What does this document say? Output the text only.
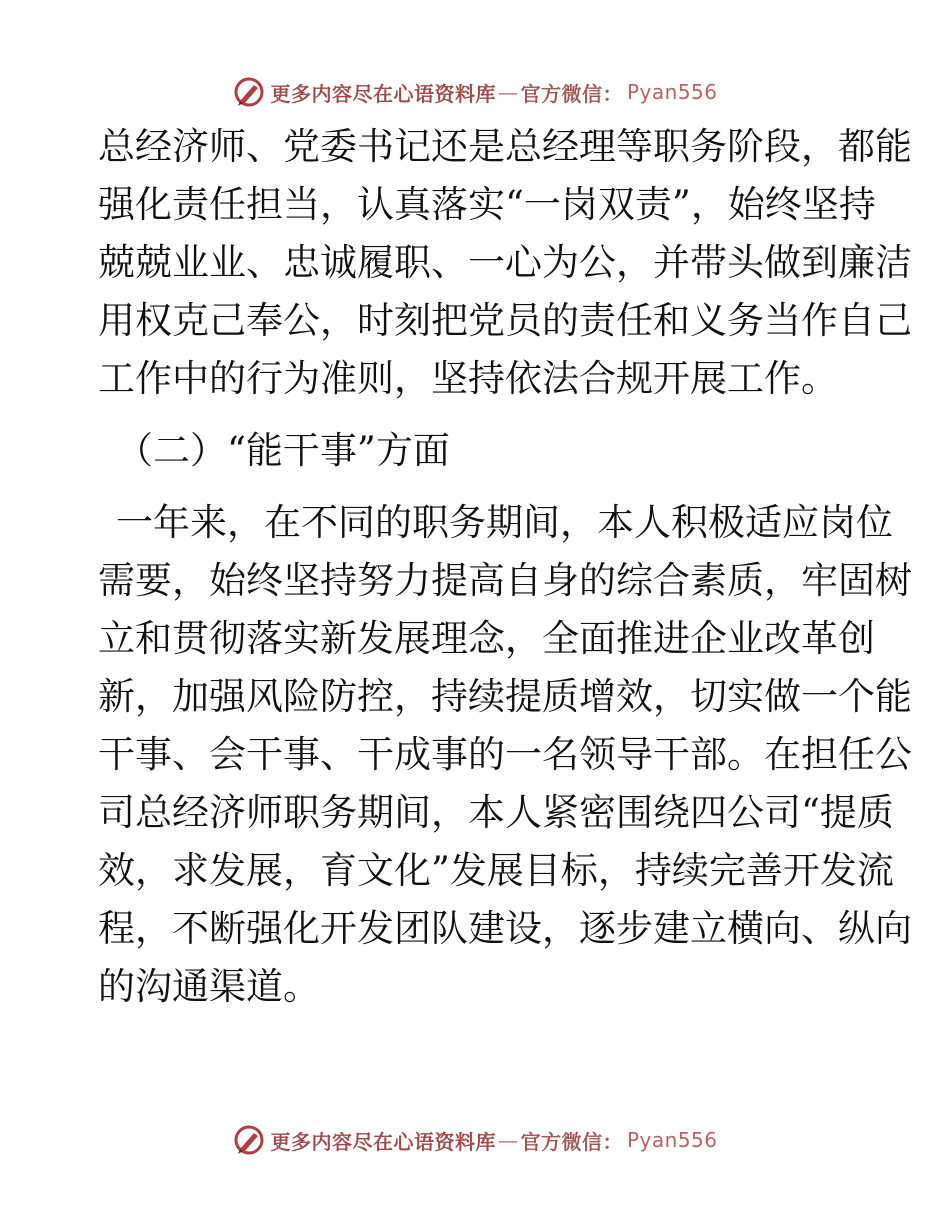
更多内容尽在心语资料库 — 官方微信： Pyan556
总经济师、党委书记还是总经理等职务阶段，都能
强化责任担当，认真落实“一岗双责”，始终坚持
兢兢业业、忠诚履职、一心为公，并带头做到廉洁
用权克己奉公，时刻把党员的责任和义务当作自己
工作中的行为准则，坚持依法合规开展工作。
（二）“能干事”方面
一年来，在不同的职务期间，本人积极适应岗位
需要，始终坚持努力提高自身的综合素质，牢固树
立和贯彻落实新发展理念，全面推进企业改革创
新，加强风险防控，持续提质增效，切实做一个能
干事、会干事、干成事的一名领导干部。在担任公
司总经济师职务期间，本人紧密围绕四公司“提质
效，求发展，育文化”发展目标，持续完善开发流
程，不断强化开发团队建设，逐步建立横向、纵向
的沟通渠道。
更多内容尽在心语资料库 — 官方微信： Pyan556
